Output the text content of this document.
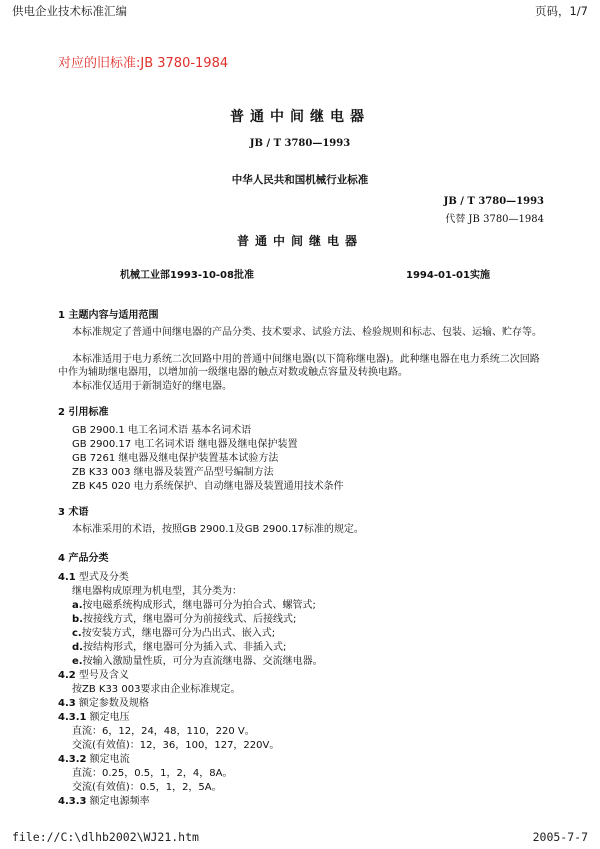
供电企业技术标准汇编	页码，1/7
对应的旧标准:JB 3780-1984
普通中间继电器
JB / T 3780—1993
中华人民共和国机械行业标准
JB / T 3780—1993
代替 JB 3780—1984
普通中间继电器
机械工业部1993-10-08批准	1994-01-01实施
1 主题内容与适用范围
本标准规定了普通中间继电器的产品分类、技术要求、试验方法、检验规则和标志、包装、运输、贮存等。
本标准适用于电力系统二次回路中用的普通中间继电器(以下简称继电器)。此种继电器在电力系统二次回路中作为辅助继电器用，以增加前一级继电器的触点对数或触点容量及转换电路。
本标准仅适用于新制造好的继电器。
2 引用标准
GB 2900.1 电工名词术语 基本名词术语
GB 2900.17 电工名词术语 继电器及继电保护装置
GB 7261 继电器及继电保护装置基本试验方法
ZB K33 003 继电器及装置产品型号编制方法
ZB K45 020 电力系统保护、自动继电器及装置通用技术条件
3 术语
本标准采用的术语，按照GB 2900.1及GB 2900.17标准的规定。
4 产品分类
4.1 型式及分类
继电器构成原理为机电型，其分类为：
a.按电磁系统构成形式，继电器可分为拍合式、螺管式;
b.按接线方式，继电器可分为前接线式、后接线式;
c.按安装方式，继电器可分为凸出式、嵌入式;
d.按结构形式，继电器可分为插入式、非插入式;
e.按输入激励量性质，可分为直流继电器、交流继电器。
4.2 型号及含义
按ZB K33 003要求由企业标准规定。
4.3 额定参数及规格
4.3.1 额定电压
直流：6，12，24，48，110，220 V。
交流(有效值)：12，36，100，127，220V。
4.3.2 额定电流
直流：0.25，0.5，1，2，4，8A。
交流(有效值)：0.5，1，2，5A。
4.3.3 额定电源频率
file://C:\dlhb2002\WJ21.htm	2005-7-7
